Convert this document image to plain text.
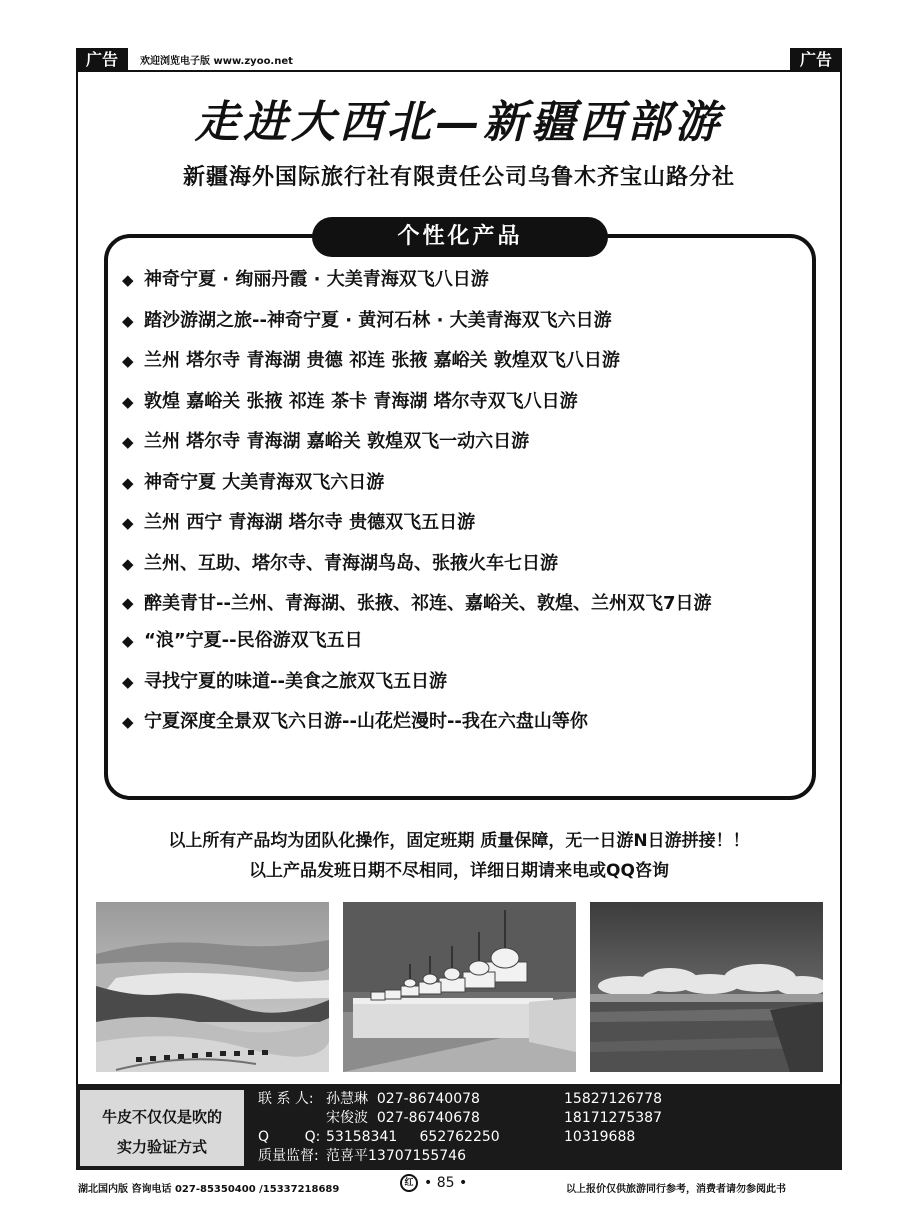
广告	欢迎浏览电子版 www.zyoo.net	广告
走进大西北—新疆西部游
新疆海外国际旅行社有限责任公司乌鲁木齐宝山路分社
个性化产品
◆ 神奇宁夏 · 绚丽丹霞 · 大美青海双飞八日游
◆ 踏沙游湖之旅--神奇宁夏 · 黄河石林 · 大美青海双飞六日游
◆ 兰州 塔尔寺 青海湖 贵德 祁连 张掖 嘉峪关 敦煌双飞八日游
◆ 敦煌 嘉峪关 张掖 祁连 茶卡 青海湖 塔尔寺双飞八日游
◆ 兰州 塔尔寺 青海湖 嘉峪关 敦煌双飞一动六日游
◆ 神奇宁夏 大美青海双飞六日游
◆ 兰州 西宁 青海湖 塔尔寺 贵德双飞五日游
◆ 兰州、互助、塔尔寺、青海湖鸟岛、张掖火车七日游
◆ 醉美青甘--兰州、青海湖、张掖、祁连、嘉峪关、敦煌、兰州双飞7日游
◆ “浪”宁夏--民俗游双飞五日
◆ 寻找宁夏的味道--美食之旅双飞五日游
◆ 宁夏深度全景双飞六日游--山花烂漫时--我在六盘山等你
以上所有产品均为团队化操作，固定班期 质量保障，无一日游N日游拼接！！
以上产品发班日期不尽相同，详细日期请来电或QQ咨询
牛皮不仅仅是吹的
实力验证方式
联 系 人: 孙慧琳  027-86740078	15827126778
宋俊波  027-86740678	18171275387
Q        Q: 53158341     652762250	10319688
质量监督: 范喜平13707155746
湖北国内版 咨询电话 027-85350400 /15337218689
红 • 85 •	以上报价仅供旅游同行参考，消费者请勿参阅此书
